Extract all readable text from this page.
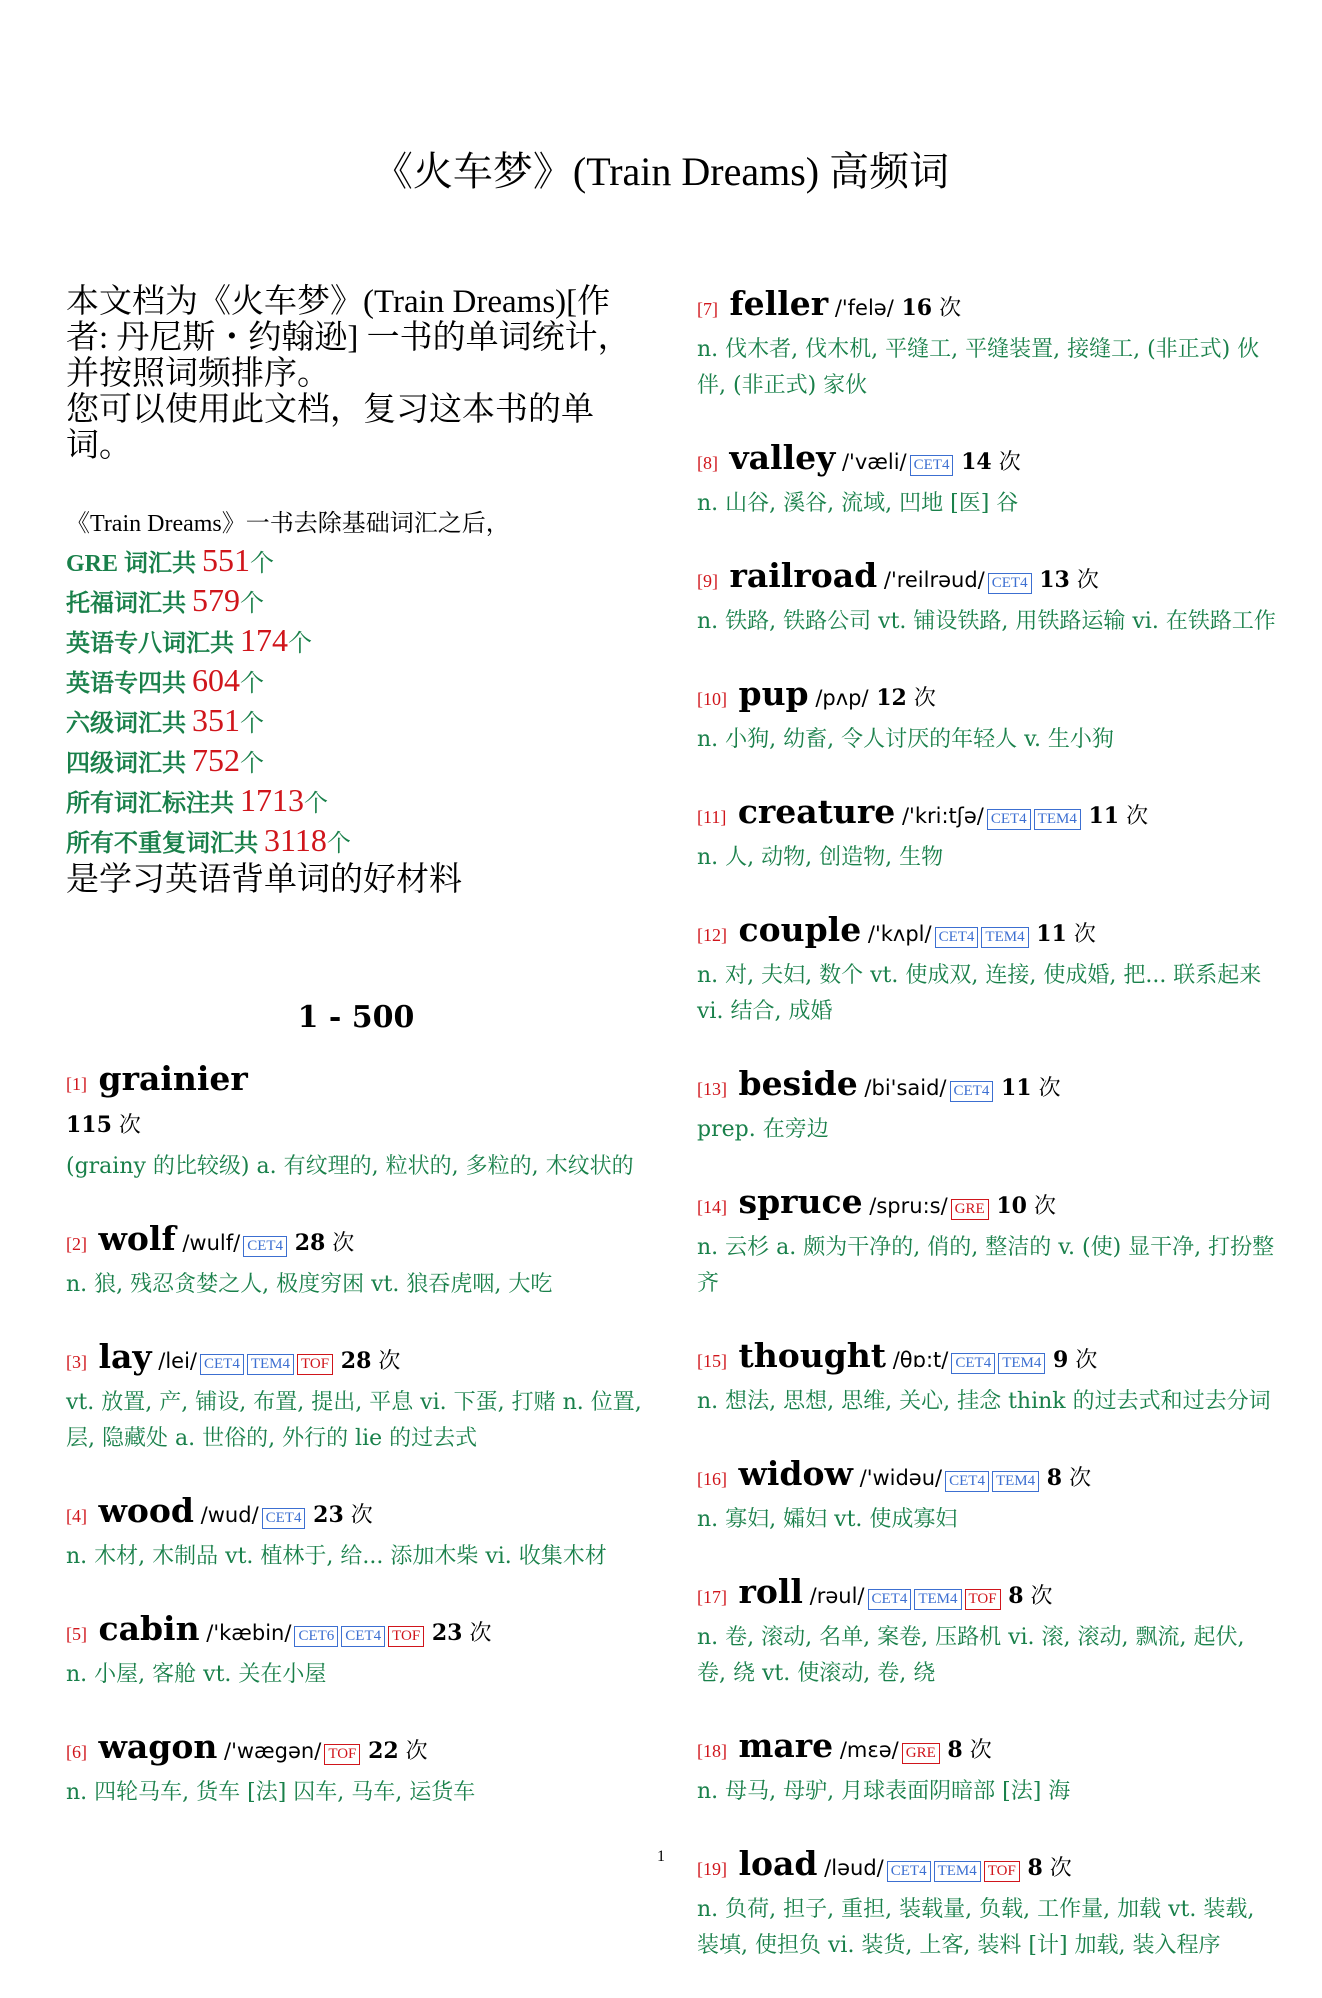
《火车梦》(Train Dreams) 高频词
本文档为《火车梦》(Train Dreams)[作者: 丹尼斯・约翰逊] 一书的单词统计，并按照词频排序。
您可以使用此文档，复习这本书的单词。
《Train Dreams》一书去除基础词汇之后，
GRE 词汇共 551个
托福词汇共 579个
英语专八词汇共 174个
英语专四共 604个
六级词汇共 351个
四级词汇共 752个
所有词汇标注共 1713个
所有不重复词汇共 3118个
是学习英语背单词的好材料
1 - 500
[1] grainier
115 次
(grainy 的比较级) a. 有纹理的, 粒状的, 多粒的, 木纹状的
[2] wolf /wulf/ CET4 28 次
n. 狼, 残忍贪婪之人, 极度穷困 vt. 狼吞虎咽, 大吃
[3] lay /lei/ CET4 TEM4 TOF 28 次
vt. 放置, 产, 铺设, 布置, 提出, 平息 vi. 下蛋, 打赌 n. 位置, 层, 隐藏处 a. 世俗的, 外行的 lie 的过去式
[4] wood /wud/ CET4 23 次
n. 木材, 木制品 vt. 植林于, 给... 添加木柴 vi. 收集木材
[5] cabin /'kæbin/ CET6 CET4 TOF 23 次
n. 小屋, 客舱 vt. 关在小屋
[6] wagon /'wægən/ TOF 22 次
n. 四轮马车, 货车 [法] 囚车, 马车, 运货车
[7] feller /'felə/ 16 次
n. 伐木者, 伐木机, 平缝工, 平缝装置, 接缝工, (非正式) 伙伴, (非正式) 家伙
[8] valley /'væli/ CET4 14 次
n. 山谷, 溪谷, 流域, 凹地 [医] 谷
[9] railroad /'reilrəud/ CET4 13 次
n. 铁路, 铁路公司 vt. 铺设铁路, 用铁路运输 vi. 在铁路工作
[10] pup /pʌp/ 12 次
n. 小狗, 幼畜, 令人讨厌的年轻人 v. 生小狗
[11] creature /'kri:tʃə/ CET4 TEM4 11 次
n. 人, 动物, 创造物, 生物
[12] couple /'kʌpl/ CET4 TEM4 11 次
n. 对, 夫妇, 数个 vt. 使成双, 连接, 使成婚, 把... 联系起来 vi. 结合, 成婚
[13] beside /bi'said/ CET4 11 次
prep. 在旁边
[14] spruce /spru:s/ GRE 10 次
n. 云杉 a. 颇为干净的, 俏的, 整洁的 v. (使) 显干净, 打扮整齐
[15] thought /θɒ:t/ CET4 TEM4 9 次
n. 想法, 思想, 思维, 关心, 挂念 think 的过去式和过去分词
[16] widow /'widəu/ CET4 TEM4 8 次
n. 寡妇, 孀妇 vt. 使成寡妇
[17] roll /rəul/ CET4 TEM4 TOF 8 次
n. 卷, 滚动, 名单, 案卷, 压路机 vi. 滚, 滚动, 飘流, 起伏, 卷, 绕 vt. 使滚动, 卷, 绕
[18] mare /mɛə/ GRE 8 次
n. 母马, 母驴, 月球表面阴暗部 [法] 海
[19] load /ləud/ CET4 TEM4 TOF 8 次
n. 负荷, 担子, 重担, 装载量, 负载, 工作量, 加载 vt. 装载, 装填, 使担负 vi. 装货, 上客, 装料 [计] 加载, 装入程序
1
